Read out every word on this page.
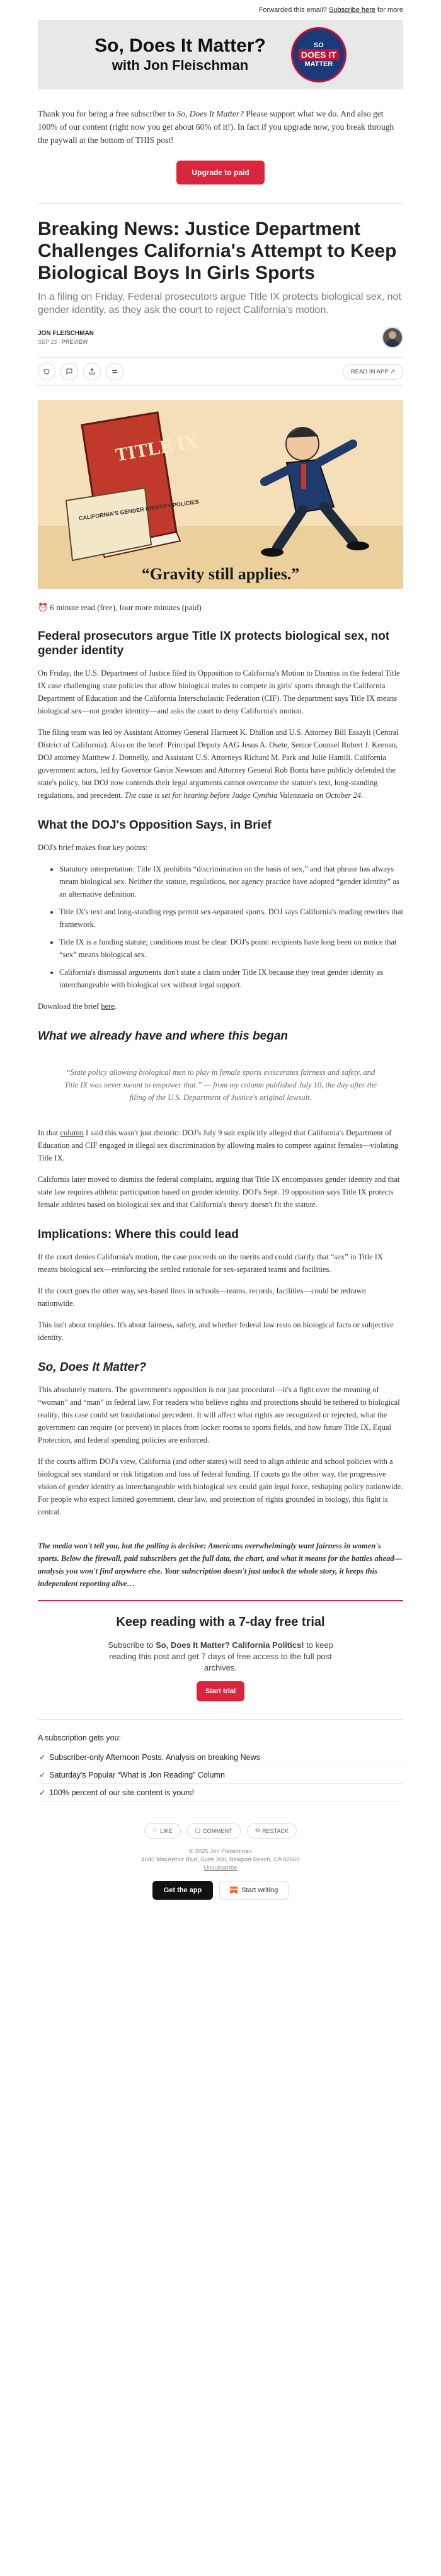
Forwarded this email? Subscribe here for more
So, Does It Matter?
with Jon Fleischman
SO
DOES IT
MATTER
Thank you for being a free subscriber to So, Does It Matter? Please support what we do. And also get 100% of our content (right now you get about 60% of it!). In fact if you upgrade now, you break through the paywall at the bottom of THIS post!
Upgrade to paid
Breaking News: Justice Department Challenges California's Attempt to Keep Biological Boys In Girls Sports
In a filing on Friday, Federal prosecutors argue Title IX protects biological sex, not gender identity, as they ask the court to reject California's motion.
JON FLEISCHMAN
SEP 23 ∙ PREVIEW
READ IN APP ↗
TITLE IX
CALIFORNIA'S GENDER IDENTITY POLICIES
“Gravity still applies.”
⏰ 6 minute read (free), four more minutes (paid)
Federal prosecutors argue Title IX protects biological sex, not gender identity

On Friday, the U.S. Department of Justice filed its Opposition to California's Motion to Dismiss in the federal Title IX case challenging state policies that allow biological males to compete in girls' sports through the California Department of Education and the California Interscholastic Federation (CIF). The department says Title IX means biological sex—not gender identity—and asks the court to deny California's motion.

The filing team was led by Assistant Attorney General Harmeet K. Dhillon and U.S. Attorney Bill Essayli (Central District of California). Also on the brief: Principal Deputy AAG Jesus A. Osete, Senior Counsel Robert J. Keenan, DOJ attorney Matthew J. Donnelly, and Assistant U.S. Attorneys Richard M. Park and Julie Hamill. California government actors, led by Governor Gavin Newsom and Attorney General Rob Bonta have publicly defended the state's policy, but DOJ now contends their legal arguments cannot overcome the statute's text, long-standing regulations, and precedent. The case is set for hearing before Judge Cynthia Valenzuela on October 24.

What the DOJ's Opposition Says, in Brief

DOJ's brief makes four key points:

• Statutory interpretation: Title IX prohibits “discrimination on the basis of sex,” and that phrase has always meant biological sex. Neither the statute, regulations, nor agency practice have adopted “gender identity” as an alternative definition.
• Title IX's text and long-standing regs permit sex-separated sports. DOJ says California's reading rewrites that framework.
• Title IX is a funding statute; conditions must be clear. DOJ's point: recipients have long been on notice that “sex” means biological sex.
• California's dismissal arguments don't state a claim under Title IX because they treat gender identity as interchangeable with biological sex without legal support.

Download the brief here.

What we already have and where this began
“State policy allowing biological men to play in female sports eviscerates fairness and safety, and Title IX was never meant to empower that.” — from my column published July 10, the day after the filing of the U.S. Department of Justice's original lawsuit.

In that column I said this wasn't just rhetoric: DOJ's July 9 suit explicitly alleged that California's Department of Education and CIF engaged in illegal sex discrimination by allowing males to compete against females—violating Title IX.

California later moved to dismiss the federal complaint, arguing that Title IX encompasses gender identity and that state law requires athletic participation based on gender identity. DOJ's Sept. 19 opposition says Title IX protects female athletes based on biological sex and that California's theory doesn't fit the statute.

Implications: Where this could lead

If the court denies California's motion, the case proceeds on the merits and could clarify that “sex” in Title IX means biological sex—reinforcing the settled rationale for sex-separated teams and facilities.

If the court goes the other way, sex-based lines in schools—teams, records, facilities—could be redrawn nationwide.

This isn't about trophies. It's about fairness, safety, and whether federal law rests on biological facts or subjective identity.

So, Does It Matter?

This absolutely matters. The government's opposition is not just procedural—it's a fight over the meaning of “woman” and “man” in federal law. For readers who believe rights and protections should be tethered to biological reality, this case could set foundational precedent. It will affect what rights are recognized or rejected, what the government can require (or prevent) in places from locker rooms to sports fields, and how future Title IX, Equal Protection, and federal spending policies are enforced.

If the courts affirm DOJ's view, California (and other states) will need to align athletic and school policies with a biological sex standard or risk litigation and loss of federal funding. If courts go the other way, the progressive vision of gender identity as interchangeable with biological sex could gain legal force, reshaping policy nationwide. For people who expect limited government, clear law, and protection of rights grounded in biology, this fight is central.

The media won't tell you, but the polling is decisive: Americans overwhelmingly want fairness in women's sports. Below the firewall, paid subscribers get the full data, the chart, and what it means for the battles ahead—analysis you won't find anywhere else. Your subscription doesn't just unlock the whole story, it keeps this independent reporting alive…
Keep reading with a 7-day free trial
Subscribe to So, Does It Matter? California Politics! to keep reading this post and get 7 days of free access to the full post archives.
Start trial
A subscription gets you:
✓ Subscriber-only Afternoon Posts. Analysis on breaking News
✓ Saturday's Popular “What is Jon Reading” Column
✓ 100% percent of our site content is yours!
♡ LIKE	▢ COMMENT	⟲ RESTACK
© 2025 Jon Fleischman
4040 MacArthur Blvd, Suite 200, Newport Beach, CA 92660
Unsubscribe
Get the app	Start writing
